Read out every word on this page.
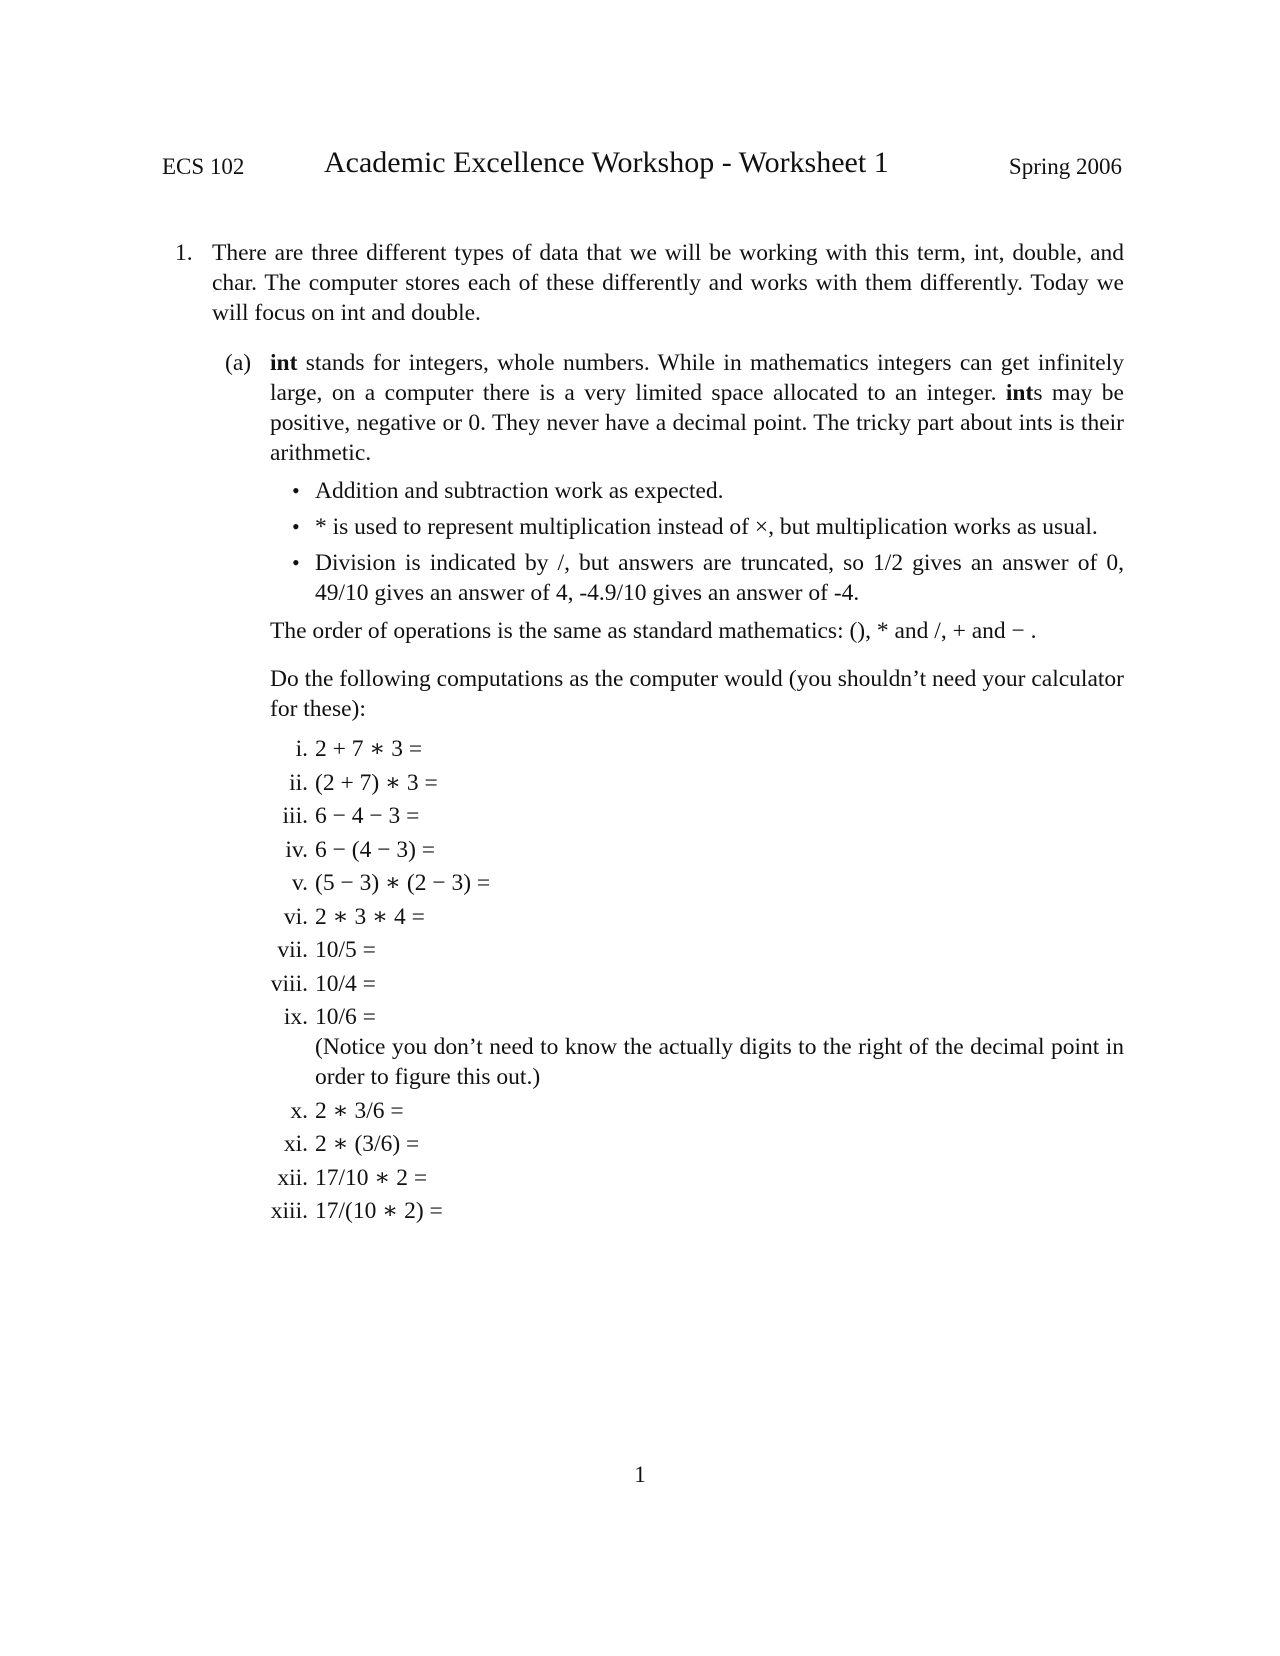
ECS 102	Academic Excellence Workshop - Worksheet 1	Spring 2006
1. There are three different types of data that we will be working with this term, int, double, and char. The computer stores each of these differently and works with them differently. Today we will focus on int and double.
(a) int stands for integers, whole numbers. While in mathematics integers can get infinitely large, on a computer there is a very limited space allocated to an integer. ints may be positive, negative or 0. They never have a decimal point. The tricky part about ints is their arithmetic.
• Addition and subtraction work as expected.
• * is used to represent multiplication instead of ×, but multiplication works as usual.
• Division is indicated by /, but answers are truncated, so 1/2 gives an answer of 0, 49/10 gives an answer of 4, -4.9/10 gives an answer of -4.
The order of operations is the same as standard mathematics: (), * and /, + and − .
Do the following computations as the computer would (you shouldn’t need your calculator for these):
i. 2 + 7 ∗ 3 =
ii. (2 + 7) ∗ 3 =
iii. 6 − 4 − 3 =
iv. 6 − (4 − 3) =
v. (5 − 3) ∗ (2 − 3) =
vi. 2 ∗ 3 ∗ 4 =
vii. 10/5 =
viii. 10/4 =
ix. 10/6 =
(Notice you don’t need to know the actually digits to the right of the decimal point in order to figure this out.)
x. 2 ∗ 3/6 =
xi. 2 ∗ (3/6) =
xii. 17/10 ∗ 2 =
xiii. 17/(10 ∗ 2) =
1
